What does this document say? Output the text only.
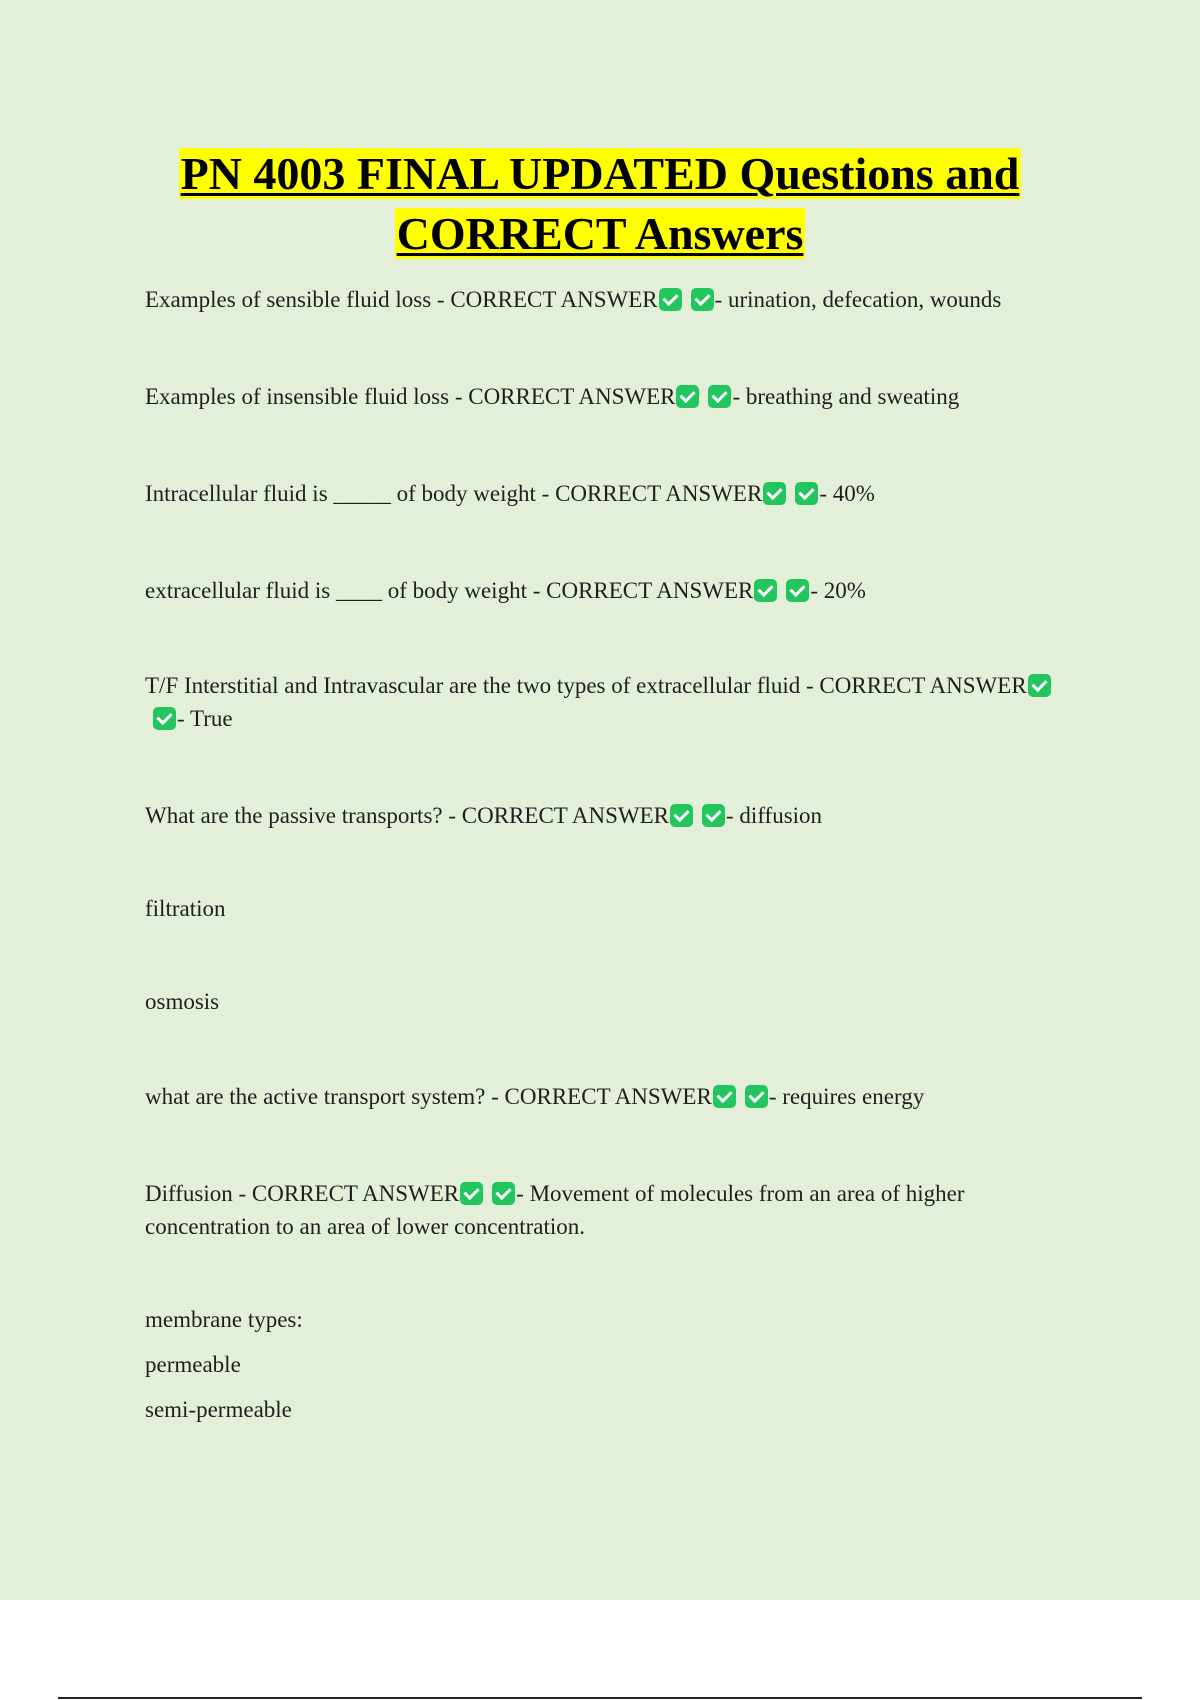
PN 4003 FINAL UPDATED Questions and
CORRECT Answers
Examples of sensible fluid loss - CORRECT ANSWER - urination, defecation, wounds
Examples of insensible fluid loss - CORRECT ANSWER - breathing and sweating
Intracellular fluid is _____ of body weight - CORRECT ANSWER - 40%
extracellular fluid is ____ of body weight - CORRECT ANSWER - 20%
T/F Interstitial and Intravascular are the two types of extracellular fluid - CORRECT ANSWER- True
What are the passive transports? - CORRECT ANSWER - diffusion
filtration
osmosis
what are the active transport system? - CORRECT ANSWER - requires energy
Diffusion - CORRECT ANSWER - Movement of molecules from an area of higher concentration to an area of lower concentration.
membrane types:
permeable
semi-permeable
